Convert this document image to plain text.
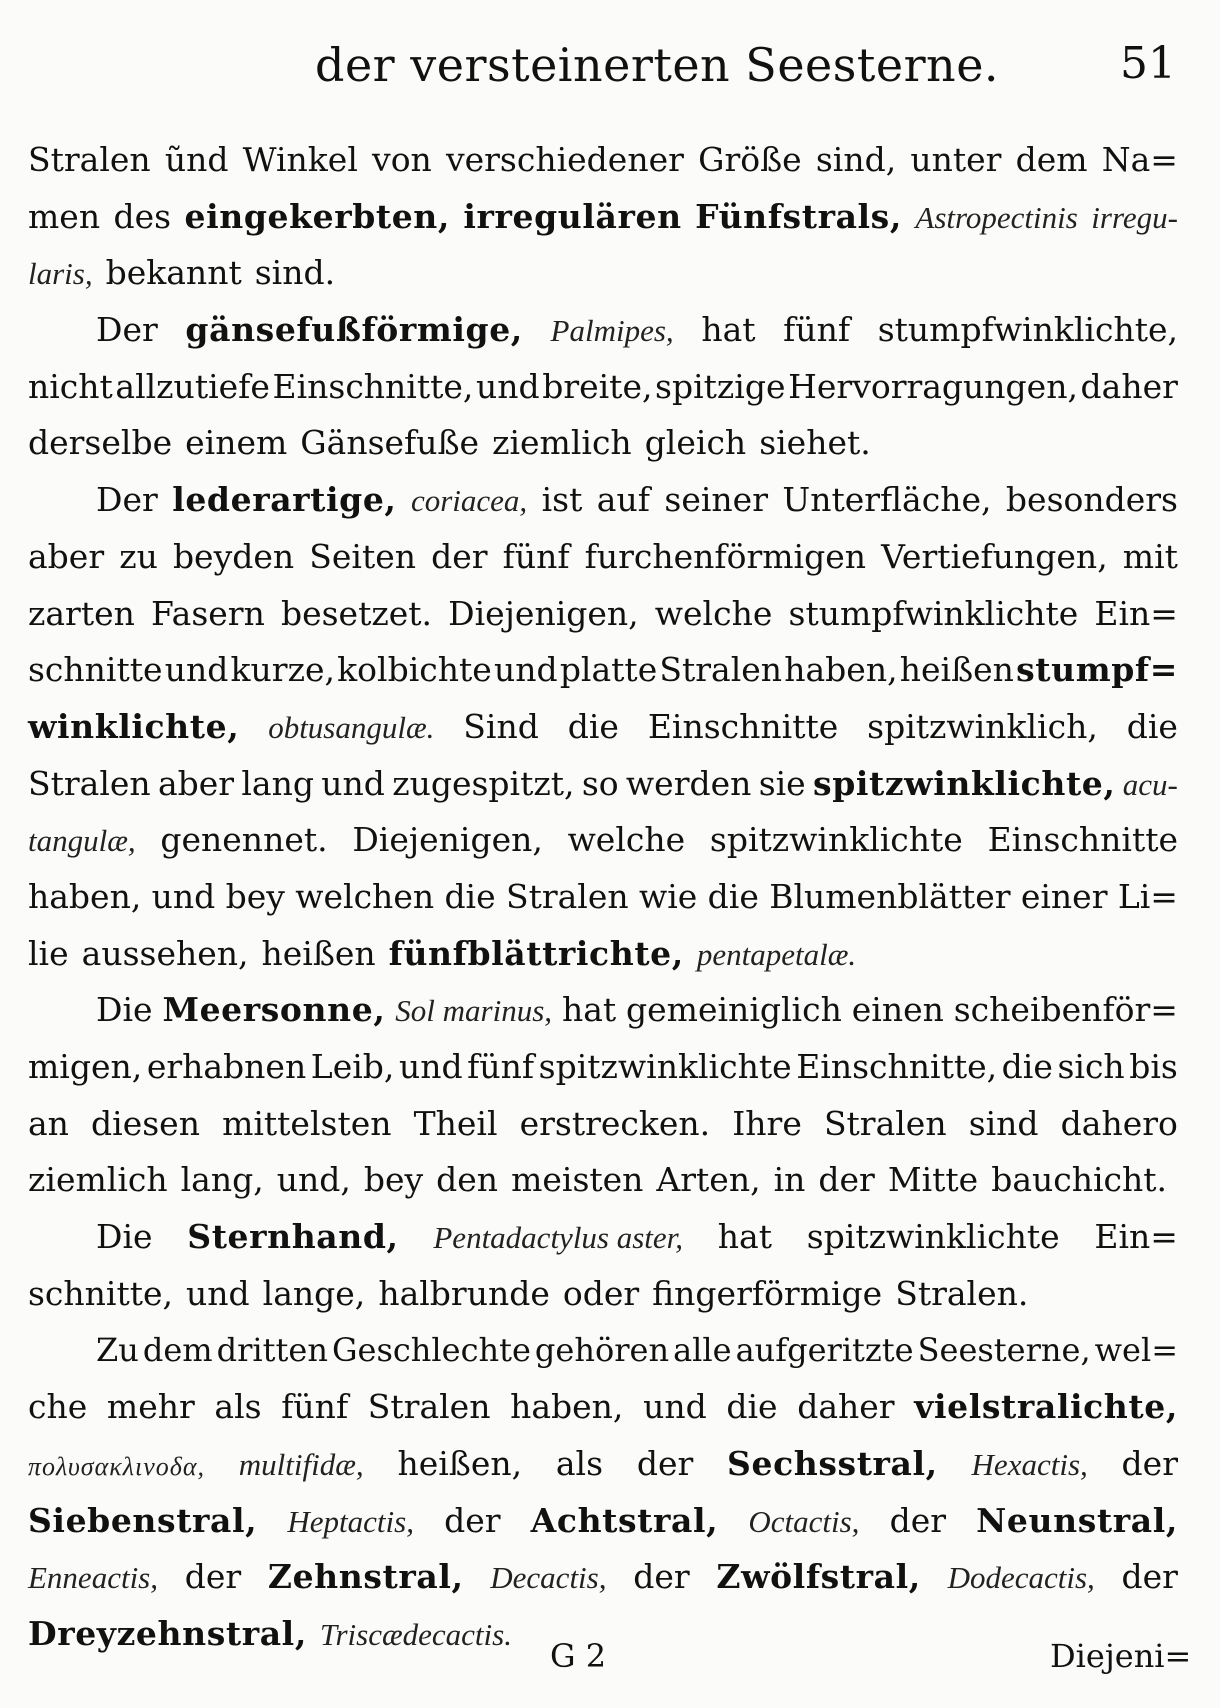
der versteinerten Seesterne.	51
Stralen ũnd Winkel von verschiedener Größe sind, unter dem Na=
men des eingekerbten, irregulären Fünfstrals, Astropectinis irregu-
laris, bekannt sind.
Der gänsefußförmige, Palmipes, hat fünf stumpfwinklichte,
nicht allzutiefe Einschnitte, und breite, spitzige Hervorragungen, daher
derselbe einem Gänsefuße ziemlich gleich siehet.
Der lederartige, coriacea, ist auf seiner Unterfläche, besonders
aber zu beyden Seiten der fünf furchenförmigen Vertiefungen, mit
zarten Fasern besetzet. Diejenigen, welche stumpfwinklichte Ein=
schnitte und kurze, kolbichte und platte Stralen haben, heißen stumpf=
winklichte, obtusangulæ. Sind die Einschnitte spitzwinklich, die
Stralen aber lang und zugespitzt, so werden sie spitzwinklichte, acu-
tangulæ, genennet. Diejenigen, welche spitzwinklichte Einschnitte
haben, und bey welchen die Stralen wie die Blumenblätter einer Li=
lie aussehen, heißen fünfblättrichte, pentapetalæ.
Die Meersonne, Sol marinus, hat gemeiniglich einen scheibenför=
migen, erhabnen Leib, und fünf spitzwinklichte Einschnitte, die sich bis
an diesen mittelsten Theil erstrecken. Ihre Stralen sind dahero
ziemlich lang, und, bey den meisten Arten, in der Mitte bauchicht.
Die Sternhand, Pentadactylus aster, hat spitzwinklichte Ein=
schnitte, und lange, halbrunde oder fingerförmige Stralen.
Zu dem dritten Geschlechte gehören alle aufgeritzte Seesterne, wel=
che mehr als fünf Stralen haben, und die daher vielstralichte,
πολυσακλινοδα, multifidæ, heißen, als der Sechsstral, Hexactis, der
Siebenstral, Heptactis, der Achtstral, Octactis, der Neunstral,
Enneactis, der Zehnstral, Decactis, der Zwölfstral, Dodecactis, der
Dreyzehnstral, Triscædecactis.
G 2	Diejeni=
